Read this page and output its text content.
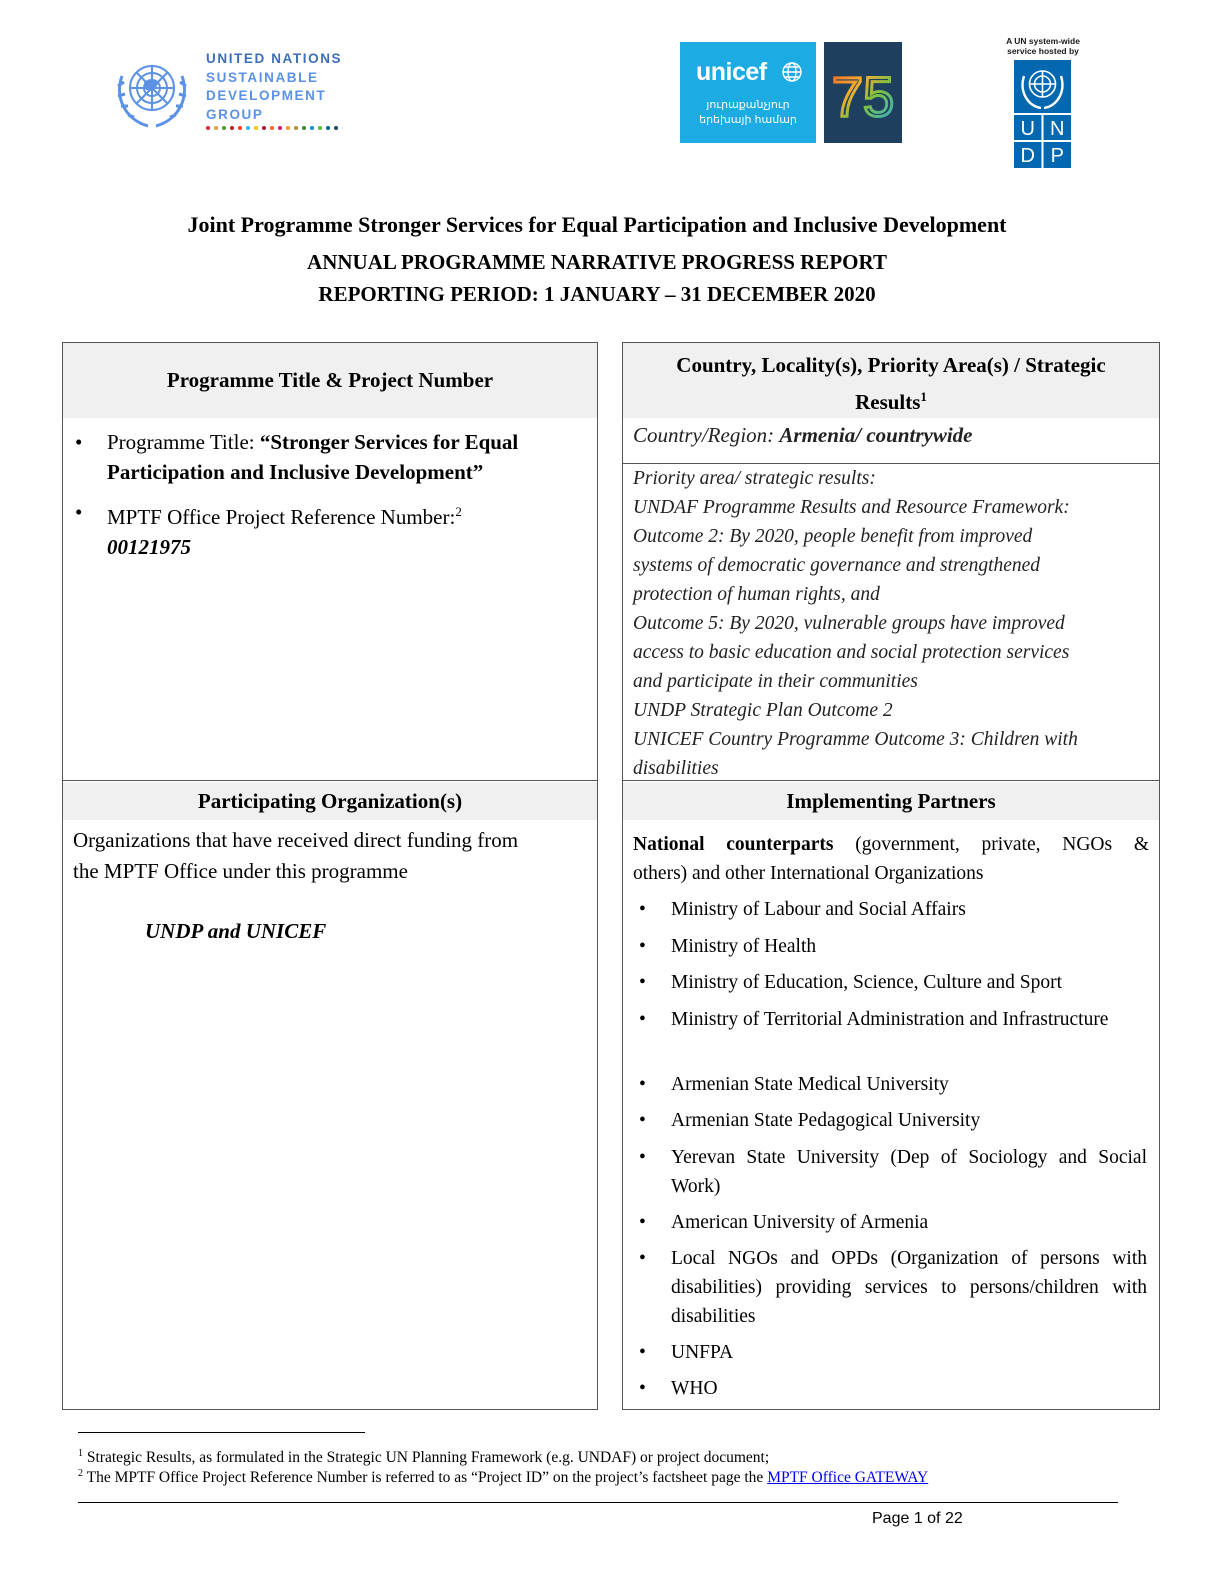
UNITED NATIONS
SUSTAINABLE
DEVELOPMENT
GROUP
unicef
յուրաքանչյուր
երեխայի համար 75
A UN system-wide
service hosted by
U N
D P
Joint Programme Stronger Services for Equal Participation and Inclusive Development
ANNUAL PROGRAMME NARRATIVE PROGRESS REPORT
REPORTING PERIOD: 1 JANUARY – 31 DECEMBER 2020
Programme Title & Project Number
• Programme Title: “Stronger Services for Equal
Participation and Inclusive Development”
• MPTF Office Project Reference Number:$^2$
00121975
Participating Organization(s)
Organizations that have received direct funding from
the MPTF Office under this programme
UNDP and UNICEF
Country, Locality(s), Priority Area(s) / Strategic
Results$^1$
Country/Region: Armenia/ countrywide
Priority area/ strategic results:
UNDAF Programme Results and Resource Framework:
Outcome 2: By 2020, people benefit from improved
systems of democratic governance and strengthened
protection of human rights, and
Outcome 5: By 2020, vulnerable groups have improved
access to basic education and social protection services
and participate in their communities
UNDP Strategic Plan Outcome 2
UNICEF Country Programme Outcome 3: Children with
disabilities
Implementing Partners
National counterparts (government, private, NGOs &
others) and other International Organizations
• Ministry of Labour and Social Affairs
• Ministry of Health
• Ministry of Education, Science, Culture and Sport
• Ministry of Territorial Administration and Infrastructure
• Armenian State Medical University
• Armenian State Pedagogical University
• Yerevan State University (Dep of Sociology and Social Work)
• American University of Armenia
• Local NGOs and OPDs (Organization of persons with disabilities) providing services to persons/children with disabilities
• UNFPA
• WHO
$^1$ Strategic Results, as formulated in the Strategic UN Planning Framework (e.g. UNDAF) or project document;
$^2$ The MPTF Office Project Reference Number is referred to as “Project ID” on the project’s factsheet page the MPTF Office GATEWAY
Page 1 of 22
